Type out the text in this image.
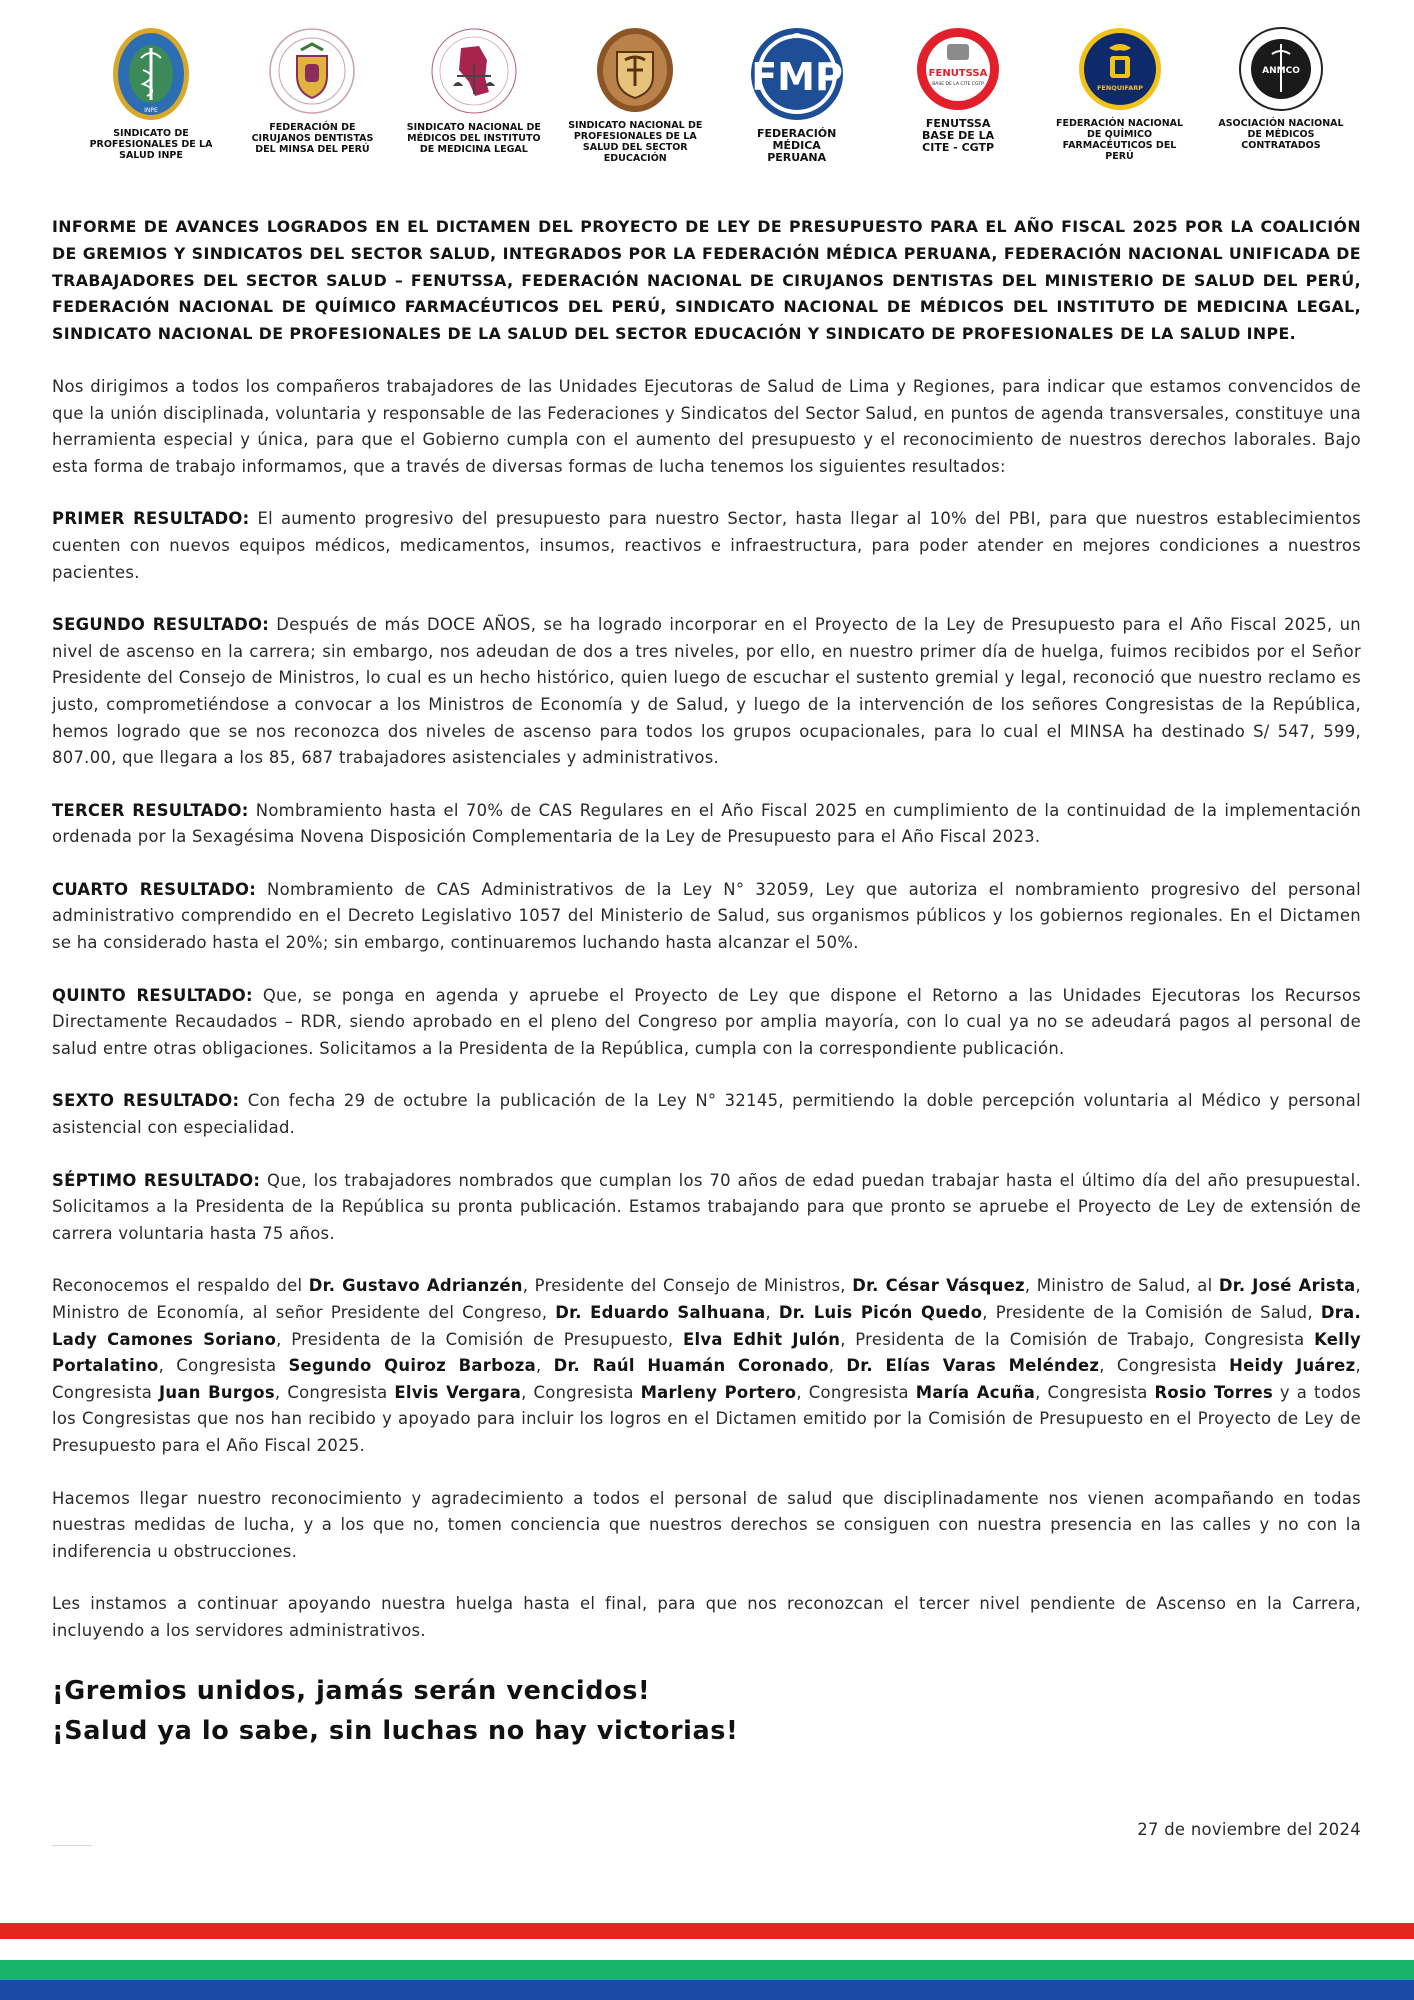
INPE
SINDICATO DE
PROFESIONALES DE LA
SALUD INPE
FEDERACIÓN DE
CIRUJANOS DENTISTAS
DEL MINSA DEL PERÚ
SINDICATO NACIONAL DE
MÉDICOS DEL INSTITUTO
DE MEDICINA LEGAL
SINDICATO NACIONAL DE
PROFESIONALES DE LA
SALUD DEL SECTOR
EDUCACIÓN
FMP
FEDERACIÓN
MÉDICA
PERUANA
FENUTSSA
BASE DE LA CITE CGTP
FENUTSSA
BASE DE LA
CITE - CGTP
FENQUIFARP
FEDERACIÓN NACIONAL
DE QUÍMICO
FARMACÉUTICOS DEL
PERÚ
ANMCO
ASOCIACIÓN NACIONAL
DE MÉDICOS
CONTRATADOS
INFORME DE AVANCES LOGRADOS EN EL DICTAMEN DEL PROYECTO DE LEY DE PRESUPUESTO PARA EL AÑO FISCAL 2025 POR LA COALICIÓN DE GREMIOS Y SINDICATOS DEL SECTOR SALUD, INTEGRADOS POR LA FEDERACIÓN MÉDICA PERUANA, FEDERACIÓN NACIONAL UNIFICADA DE TRABAJADORES DEL SECTOR SALUD – FENUTSSA, FEDERACIÓN NACIONAL DE CIRUJANOS DENTISTAS DEL MINISTERIO DE SALUD DEL PERÚ, FEDERACIÓN NACIONAL DE QUÍMICO FARMACÉUTICOS DEL PERÚ, SINDICATO NACIONAL DE MÉDICOS DEL INSTITUTO DE MEDICINA LEGAL, SINDICATO NACIONAL DE PROFESIONALES DE LA SALUD DEL SECTOR EDUCACIÓN Y SINDICATO DE PROFESIONALES DE LA SALUD INPE.

Nos dirigimos a todos los compañeros trabajadores de las Unidades Ejecutoras de Salud de Lima y Regiones, para indicar que estamos convencidos de que la unión disciplinada, voluntaria y responsable de las Federaciones y Sindicatos del Sector Salud, en puntos de agenda transversales, constituye una herramienta especial y única, para que el Gobierno cumpla con el aumento del presupuesto y el reconocimiento de nuestros derechos laborales. Bajo esta forma de trabajo informamos, que a través de diversas formas de lucha tenemos los siguientes resultados:

PRIMER RESULTADO: El aumento progresivo del presupuesto para nuestro Sector, hasta llegar al 10% del PBI, para que nuestros establecimientos cuenten con nuevos equipos médicos, medicamentos, insumos, reactivos e infraestructura, para poder atender en mejores condiciones a nuestros pacientes.

SEGUNDO RESULTADO: Después de más DOCE AÑOS, se ha logrado incorporar en el Proyecto de la Ley de Presupuesto para el Año Fiscal 2025, un nivel de ascenso en la carrera; sin embargo, nos adeudan de dos a tres niveles, por ello, en nuestro primer día de huelga, fuimos recibidos por el Señor Presidente del Consejo de Ministros, lo cual es un hecho histórico, quien luego de escuchar el sustento gremial y legal, reconoció que nuestro reclamo es justo, comprometiéndose a convocar a los Ministros de Economía y de Salud, y luego de la intervención de los señores Congresistas de la República, hemos logrado que se nos reconozca dos niveles de ascenso para todos los grupos ocupacionales, para lo cual el MINSA ha destinado S/ 547, 599, 807.00, que llegara a los 85, 687 trabajadores asistenciales y administrativos.

TERCER RESULTADO: Nombramiento hasta el 70% de CAS Regulares en el Año Fiscal 2025 en cumplimiento de la continuidad de la implementación ordenada por la Sexagésima Novena Disposición Complementaria de la Ley de Presupuesto para el Año Fiscal 2023.

CUARTO RESULTADO: Nombramiento de CAS Administrativos de la Ley N° 32059, Ley que autoriza el nombramiento progresivo del personal administrativo comprendido en el Decreto Legislativo 1057 del Ministerio de Salud, sus organismos públicos y los gobiernos regionales. En el Dictamen se ha considerado hasta el 20%; sin embargo, continuaremos luchando hasta alcanzar el 50%.

QUINTO RESULTADO: Que, se ponga en agenda y apruebe el Proyecto de Ley que dispone el Retorno a las Unidades Ejecutoras los Recursos Directamente Recaudados – RDR, siendo aprobado en el pleno del Congreso por amplia mayoría, con lo cual ya no se adeudará pagos al personal de salud entre otras obligaciones. Solicitamos a la Presidenta de la República, cumpla con la correspondiente publicación.

SEXTO RESULTADO: Con fecha 29 de octubre la publicación de la Ley N° 32145, permitiendo la doble percepción voluntaria al Médico y personal asistencial con especialidad.

SÉPTIMO RESULTADO: Que, los trabajadores nombrados que cumplan los 70 años de edad puedan trabajar hasta el último día del año presupuestal. Solicitamos a la Presidenta de la República su pronta publicación. Estamos trabajando para que pronto se apruebe el Proyecto de Ley de extensión de carrera voluntaria hasta 75 años.

Reconocemos el respaldo del Dr. Gustavo Adrianzén, Presidente del Consejo de Ministros, Dr. César Vásquez, Ministro de Salud, al Dr. José Arista, Ministro de Economía, al señor Presidente del Congreso, Dr. Eduardo Salhuana, Dr. Luis Picón Quedo, Presidente de la Comisión de Salud, Dra. Lady Camones Soriano, Presidenta de la Comisión de Presupuesto, Elva Edhit Julón, Presidenta de la Comisión de Trabajo, Congresista Kelly Portalatino, Congresista Segundo Quiroz Barboza, Dr. Raúl Huamán Coronado, Dr. Elías Varas Meléndez, Congresista Heidy Juárez, Congresista Juan Burgos, Congresista Elvis Vergara, Congresista Marleny Portero, Congresista María Acuña, Congresista Rosio Torres y a todos los Congresistas que nos han recibido y apoyado para incluir los logros en el Dictamen emitido por la Comisión de Presupuesto en el Proyecto de Ley de Presupuesto para el Año Fiscal 2025.

Hacemos llegar nuestro reconocimiento y agradecimiento a todos el personal de salud que disciplinadamente nos vienen acompañando en todas nuestras medidas de lucha, y a los que no, tomen conciencia que nuestros derechos se consiguen con nuestra presencia en las calles y no con la indiferencia u obstrucciones.

Les instamos a continuar apoyando nuestra huelga hasta el final, para que nos reconozcan el tercer nivel pendiente de Ascenso en la Carrera, incluyendo a los servidores administrativos.

¡Gremios unidos, jamás serán vencidos!
¡Salud ya lo sabe, sin luchas no hay victorias!
27 de noviembre del 2024
